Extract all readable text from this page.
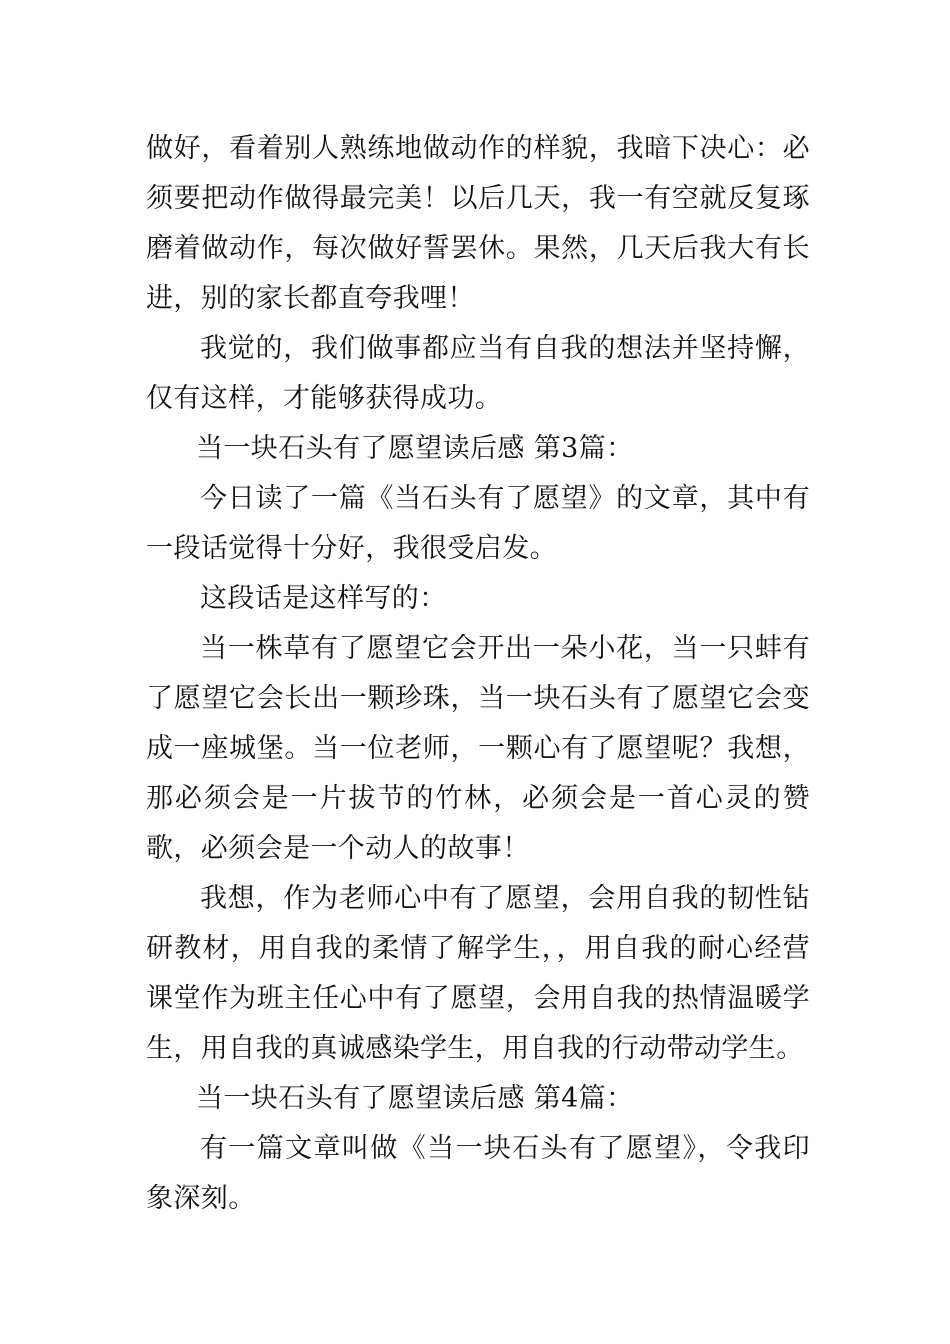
做好，看着别人熟练地做动作的样貌，我暗下决心：必须要把动作做得最完美！以后几天，我一有空就反复琢磨着做动作，每次做好誓罢休。果然，几天后我大有长进，别的家长都直夸我哩！

我觉的，我们做事都应当有自我的想法并坚持懈，仅有这样，才能够获得成功。

当一块石头有了愿望读后感 第3篇：

今日读了一篇《当石头有了愿望》的文章，其中有一段话觉得十分好，我很受启发。

这段话是这样写的：

当一株草有了愿望它会开出一朵小花，当一只蚌有了愿望它会长出一颗珍珠，当一块石头有了愿望它会变成一座城堡。当一位老师，一颗心有了愿望呢？我想，那必须会是一片拔节的竹林，必须会是一首心灵的赞歌，必须会是一个动人的故事！

我想，作为老师心中有了愿望，会用自我的韧性钻研教材，用自我的柔情了解学生，，用自我的耐心经营课堂作为班主任心中有了愿望，会用自我的热情温暖学生，用自我的真诚感染学生，用自我的行动带动学生。

当一块石头有了愿望读后感 第4篇：

有一篇文章叫做《当一块石头有了愿望》，令我印象深刻。
